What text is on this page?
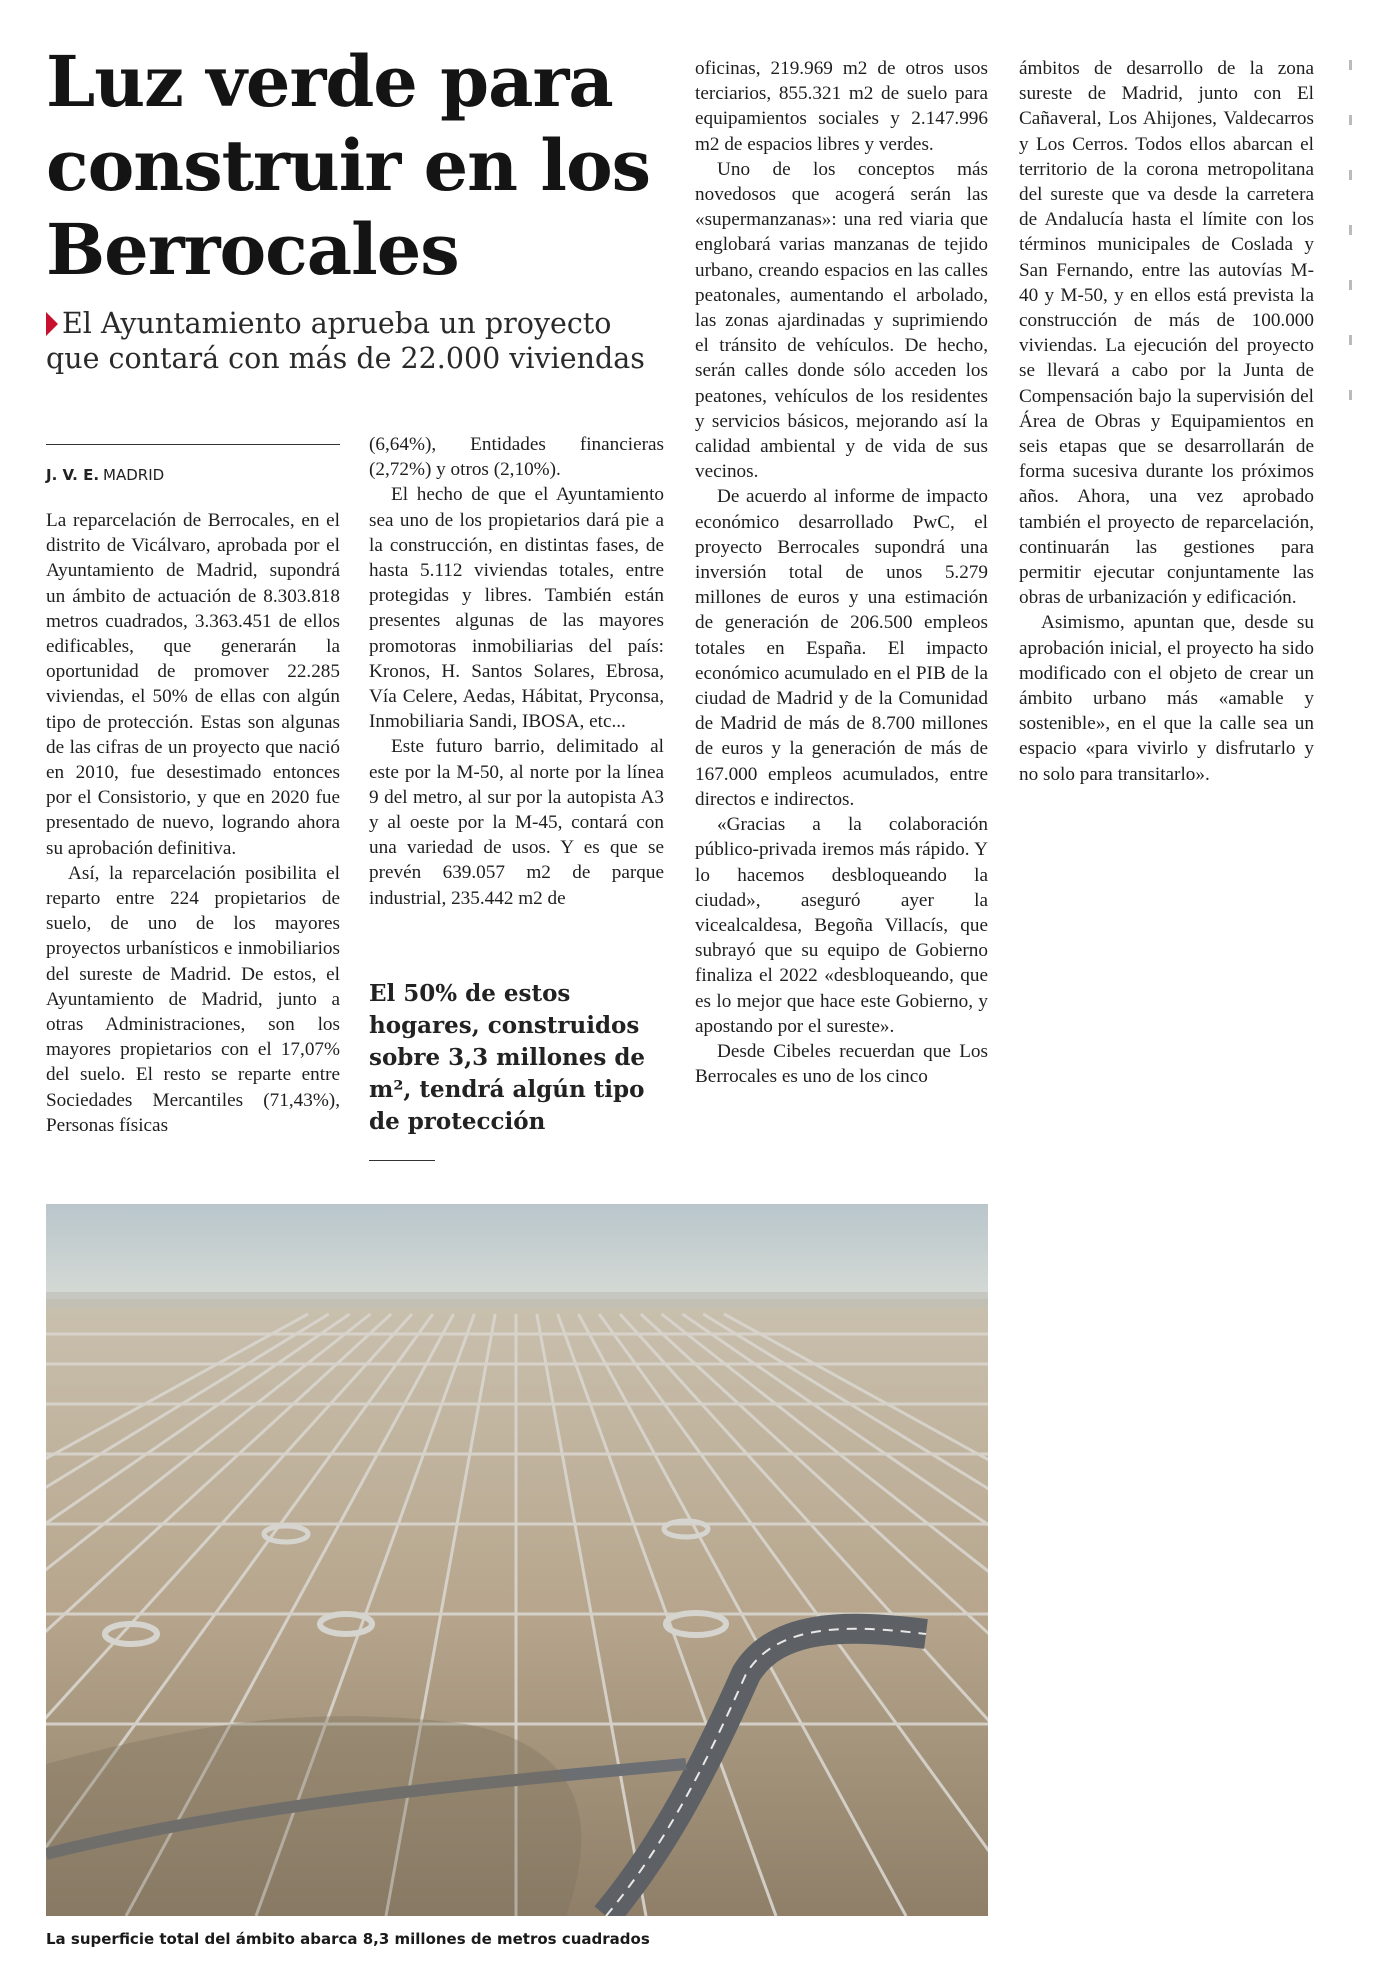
Luz verde para construir en los Berrocales

El Ayuntamiento aprueba un proyecto que contará con más de 22.000 viviendas

J. V. E. MADRID

La reparcelación de Berrocales, en el distrito de Vicálvaro, aprobada por el Ayuntamiento de Madrid, supondrá un ámbito de actuación de 8.303.818 metros cuadrados, 3.363.451 de ellos edificables, que generarán la oportunidad de promover 22.285 viviendas, el 50% de ellas con algún tipo de protección. Estas son algunas de las cifras de un proyecto que nació en 2010, fue desestimado entonces por el Consistorio, y que en 2020 fue presentado de nuevo, logrando ahora su aprobación definitiva.

Así, la reparcelación posibilita el reparto entre 224 propietarios de suelo, de uno de los mayores proyectos urbanísticos e inmobiliarios del sureste de Madrid. De estos, el Ayuntamiento de Madrid, junto a otras Administraciones, son los mayores propietarios con el 17,07% del suelo. El resto se reparte entre Sociedades Mercantiles (71,43%), Personas físicas

(6,64%), Entidades financieras (2,72%) y otros (2,10%).

El hecho de que el Ayuntamiento sea uno de los propietarios dará pie a la construcción, en distintas fases, de hasta 5.112 viviendas totales, entre protegidas y libres. También están presentes algunas de las mayores promotoras inmobiliarias del país: Kronos, H. Santos Solares, Ebrosa, Vía Celere, Aedas, Hábitat, Pryconsa, Inmobiliaria Sandi, IBOSA, etc...

Este futuro barrio, delimitado al este por la M-50, al norte por la línea 9 del metro, al sur por la autopista A3 y al oeste por la M-45, contará con una variedad de usos. Y es que se prevén 639.057 m2 de parque industrial, 235.442 m2 de

El 50% de estos hogares, construidos sobre 3,3 millones de m², tendrá algún tipo de protección

oficinas, 219.969 m2 de otros usos terciarios, 855.321 m2 de suelo para equipamientos sociales y 2.147.996 m2 de espacios libres y verdes.

Uno de los conceptos más novedosos que acogerá serán las «supermanzanas»: una red viaria que englobará varias manzanas de tejido urbano, creando espacios en las calles peatonales, aumentando el arbolado, las zonas ajardinadas y suprimiendo el tránsito de vehículos. De hecho, serán calles donde sólo acceden los peatones, vehículos de los residentes y servicios básicos, mejorando así la calidad ambiental y de vida de sus vecinos.

De acuerdo al informe de impacto económico desarrollado PwC, el proyecto Berrocales supondrá una inversión total de unos 5.279 millones de euros y una estimación de generación de 206.500 empleos totales en España. El impacto económico acumulado en el PIB de la ciudad de Madrid y de la Comunidad de Madrid de más de 8.700 millones de euros y la generación de más de 167.000 empleos acumulados, entre directos e indirectos.

«Gracias a la colaboración público-privada iremos más rápido. Y lo hacemos desbloqueando la ciudad», aseguró ayer la vicealcaldesa, Begoña Villacís, que subrayó que su equipo de Gobierno finaliza el 2022 «desbloqueando, que es lo mejor que hace este Gobierno, y apostando por el sureste».

Desde Cibeles recuerdan que Los Berrocales es uno de los cinco

ámbitos de desarrollo de la zona sureste de Madrid, junto con El Cañaveral, Los Ahijones, Valdecarros y Los Cerros. Todos ellos abarcan el territorio de la corona metropolitana del sureste que va desde la carretera de Andalucía hasta el límite con los términos municipales de Coslada y San Fernando, entre las autovías M-40 y M-50, y en ellos está prevista la construcción de más de 100.000 viviendas. La ejecución del proyecto se llevará a cabo por la Junta de Compensación bajo la supervisión del Área de Obras y Equipamientos en seis etapas que se desarrollarán de forma sucesiva durante los próximos años. Ahora, una vez aprobado también el proyecto de reparcelación, continuarán las gestiones para permitir ejecutar conjuntamente las obras de urbanización y edificación.

Asimismo, apuntan que, desde su aprobación inicial, el proyecto ha sido modificado con el objeto de crear un ámbito urbano más «amable y sostenible», en el que la calle sea un espacio «para vivirlo y disfrutarlo y no solo para transitarlo».

La superficie total del ámbito abarca 8,3 millones de metros cuadrados
